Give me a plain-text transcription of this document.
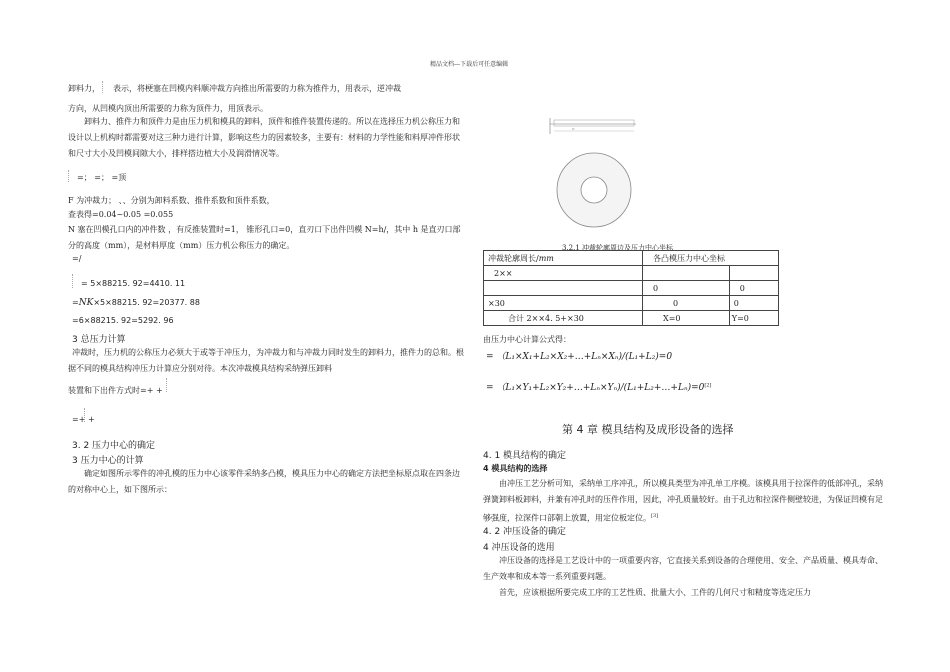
精品文档---下载后可任意编辑
卸料力， 表示，将梗塞在凹模内料顺冲裁方向推出所需要的力称为推件力，用表示，逆冲裁
方向，从凹模内顶出所需要的力称为顶件力，用顶表示。
卸料力、推件力和顶件力是由压力机和模具的卸料，顶件和推件装置传递的。所以在选择压力机公称压力和设计以上机构时都需要对这三种力进行计算，影响这些力的因素较多，主要有：材料的力学性能和料厚冲件形状和尺寸大小及凹模间隙大小，排样搭边植大小及润滑情况等。
=； =； =顶
F 为冲裁力； 、、分别为卸料系数、推件系数和顶件系数，
查表得=0.04~0.05 =0.055
N 塞在凹模孔口内的冲件数 ，有反推装置时=1， 锥形孔口=0，直刃口下出件凹模 N=h/，其中 h 是直刃口部分的高度（mm），是材料厚度（mm）压力机公称压力的确定。
=/
= 5×88215. 92=4410. 11
=NK×5×88215. 92=20377. 88
=6×88215. 92=5292. 96
3 总压力计算
冲裁时，压力机的公称压力必须大于或等于冲压力，为冲裁力和与冲裁力同时发生的卸料力，推件力的总和。根据不同的模具结构冲压力计算应分别对待。本次冲裁模具结构采纳弹压卸料
装置和下出件方式时=+ +
=+ +
3. 2 压力中心的确定
3 压力中心的计算
确定如图所示零件的冲孔模的压力中心该零件采纳多凸模，模具压力中心的确定方法把坐标原点取在四条边的对称中心上，如下图所示：
Ø
3.2.1 冲裁轮廓周边及压力中心坐标
冲裁轮廓周长/mm	各凸模压力中心坐标	
2××		
	0	0
×30	0	0
合计 2××4. 5+×30	X=0	Y=0
由压力中心计算公式得：
= （L₁×X₁+L₂×X₂+…+Lₙ×Xₙ)/(L₁+L₂)=0
= （L₁×Y₁+L₂×Y₂+…+Lₙ×Yₙ)/(L₁+L₂+…+Lₙ)=0[2]
第 4 章 模具结构及成形设备的选择
4. 1 模具结构的确定
4 模具结构的选择
由冲压工艺分析可知，采纳单工序冲孔，所以模具类型为冲孔单工序模。该模具用于拉深件的低部冲孔，采纳弹簧卸料板卸料，并兼有冲孔时的压件作用，因此，冲孔质量较好。由于孔边和拉深件侧壁较进，为保证凹模有足够强度，拉深件口部朝上放置，用定位板定位。[3]
4. 2 冲压设备的确定
4 冲压设备的选用
冲压设备的选择是工艺设计中的一项重要内容，它直接关系到设备的合理使用、安全、产品质量、模具寿命、生产效率和成本等一系列重要问题。
首先，应该根据所要完成工序的工艺性质、批量大小、工件的几何尺寸和精度等选定压力
